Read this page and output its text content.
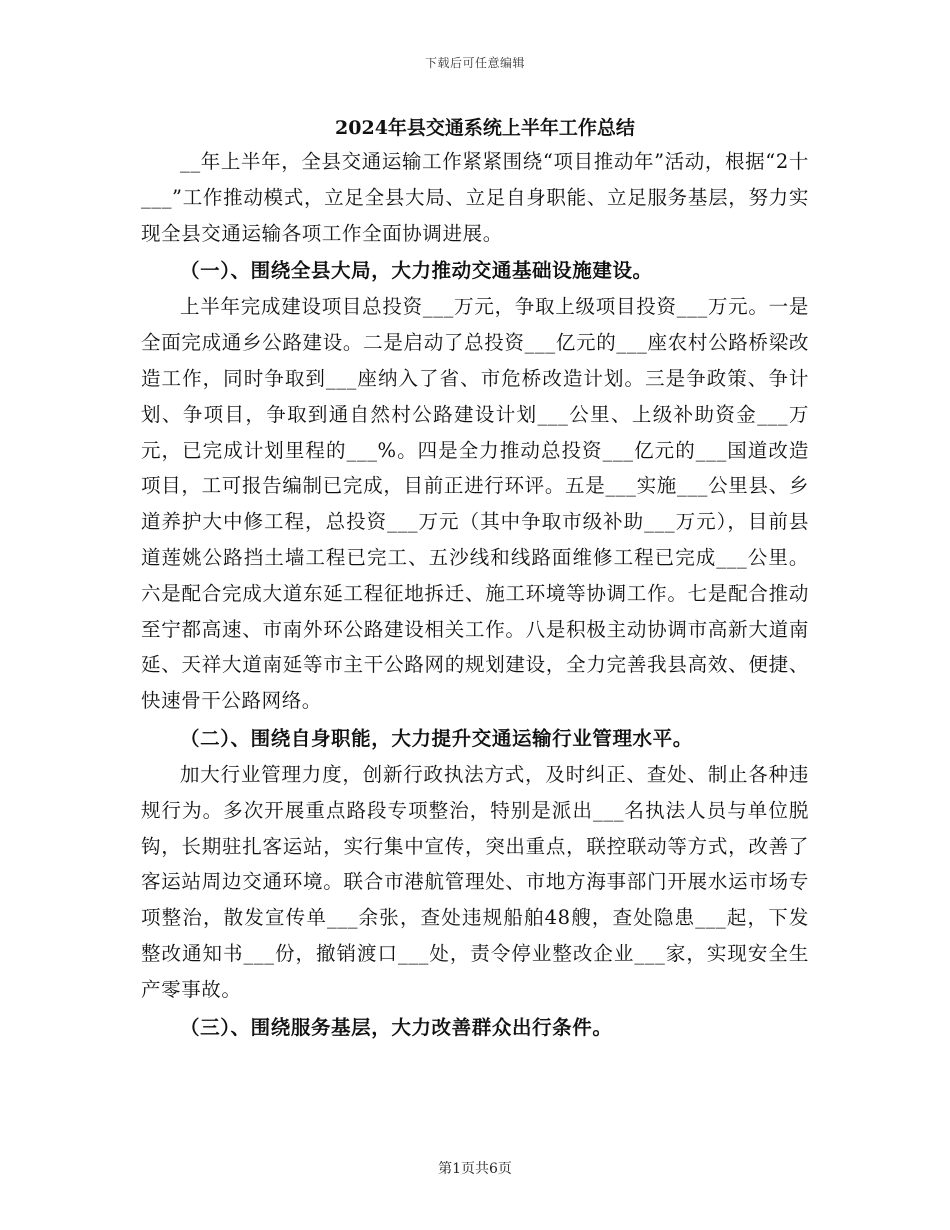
下载后可任意编辑
2024年县交通系统上半年工作总结

__年上半年，全县交通运输工作紧紧围绕“项目推动年”活动，根据“2十___”工作推动模式，立足全县大局、立足自身职能、立足服务基层，努力实现全县交通运输各项工作全面协调进展。

（一）、围绕全县大局，大力推动交通基础设施建设。

上半年完成建设项目总投资___万元，争取上级项目投资___万元。一是全面完成通乡公路建设。二是启动了总投资___亿元的___座农村公路桥梁改造工作，同时争取到___座纳入了省、市危桥改造计划。三是争政策、争计划、争项目，争取到通自然村公路建设计划___公里、上级补助资金___万元，已完成计划里程的___%。四是全力推动总投资___亿元的___国道改造项目，工可报告编制已完成，目前正进行环评。五是___实施___公里县、乡道养护大中修工程，总投资___万元（其中争取市级补助___万元），目前县道莲姚公路挡土墙工程已完工、五沙线和线路面维修工程已完成___公里。六是配合完成大道东延工程征地拆迁、施工环境等协调工作。七是配合推动至宁都高速、市南外环公路建设相关工作。八是积极主动协调市高新大道南延、天祥大道南延等市主干公路网的规划建设，全力完善我县高效、便捷、快速骨干公路网络。

（二）、围绕自身职能，大力提升交通运输行业管理水平。

加大行业管理力度，创新行政执法方式，及时纠正、查处、制止各种违规行为。多次开展重点路段专项整治，特别是派出___名执法人员与单位脱钩，长期驻扎客运站，实行集中宣传，突出重点，联控联动等方式，改善了客运站周边交通环境。联合市港航管理处、市地方海事部门开展水运市场专项整治，散发宣传单___余张，查处违规船舶48艘，查处隐患___起，下发整改通知书___份，撤销渡口___处，责令停业整改企业___家，实现安全生产零事故。

（三）、围绕服务基层，大力改善群众出行条件。

第1页共6页
